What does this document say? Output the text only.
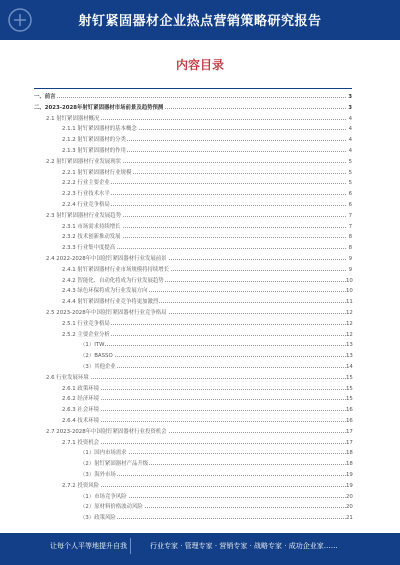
射钉紧固器材企业热点营销策略研究报告
内容目录
一、前言	3
二、2023-2028年射钉紧固器材市场前景及趋势预测	3
2.1 射钉紧固器材概况	4
2.1.1 射钉紧固器材的基本概念	4
2.1.2 射钉紧固器材的分类	4
2.1.3 射钉紧固器材的作用	4
2.2 射钉紧固器材行业发展现状	5
2.2.1 射钉紧固器材行业规模	5
2.2.2 行业主要企业	5
2.2.3 行业技术水平	6
2.2.4 行业竞争格局	6
2.3 射钉紧固器材行业发展趋势	7
2.3.1 市场需求持续增长	7
2.3.2 技术创新推动发展	8
2.3.3 行业集中度提高	8
2.4 2022-2028年中国射钉紧固器材行业发展前景	9
2.4.1 射钉紧固器材行业市场规模将持续增长	9
2.4.2 智能化、自动化将成为行业发展趋势	10
2.4.3 绿色环保将成为行业发展方向	10
2.4.4 射钉紧固器材行业竞争将更加激烈	11
2.5 2023-2028年中国射钉紧固器材行业竞争格局	12
2.5.1 行业竞争格局	12
2.5.2 主要企业分析	12
（1）ITW	13
（2）BASSO	13
（3）其他企业	14
2.6 行业发展环境	15
2.6.1 政策环境	15
2.6.2 经济环境	15
2.6.3 社会环境	16
2.6.4 技术环境	16
2.7 2023-2028年中国射钉紧固器材行业投资机会	17
2.7.1 投资机会	17
（1）国内市场需求	18
（2）射钉紧固器材产品升级	18
（3）海外市场	19
2.7.2 投资风险	19
（1）市场竞争风险	20
（2）原材料价格波动风险	20
（3）政策风险	21
让每个人平等地提升自我	行业专家 · 管理专家 · 营销专家 · 战略专家 · 成功企业家……
